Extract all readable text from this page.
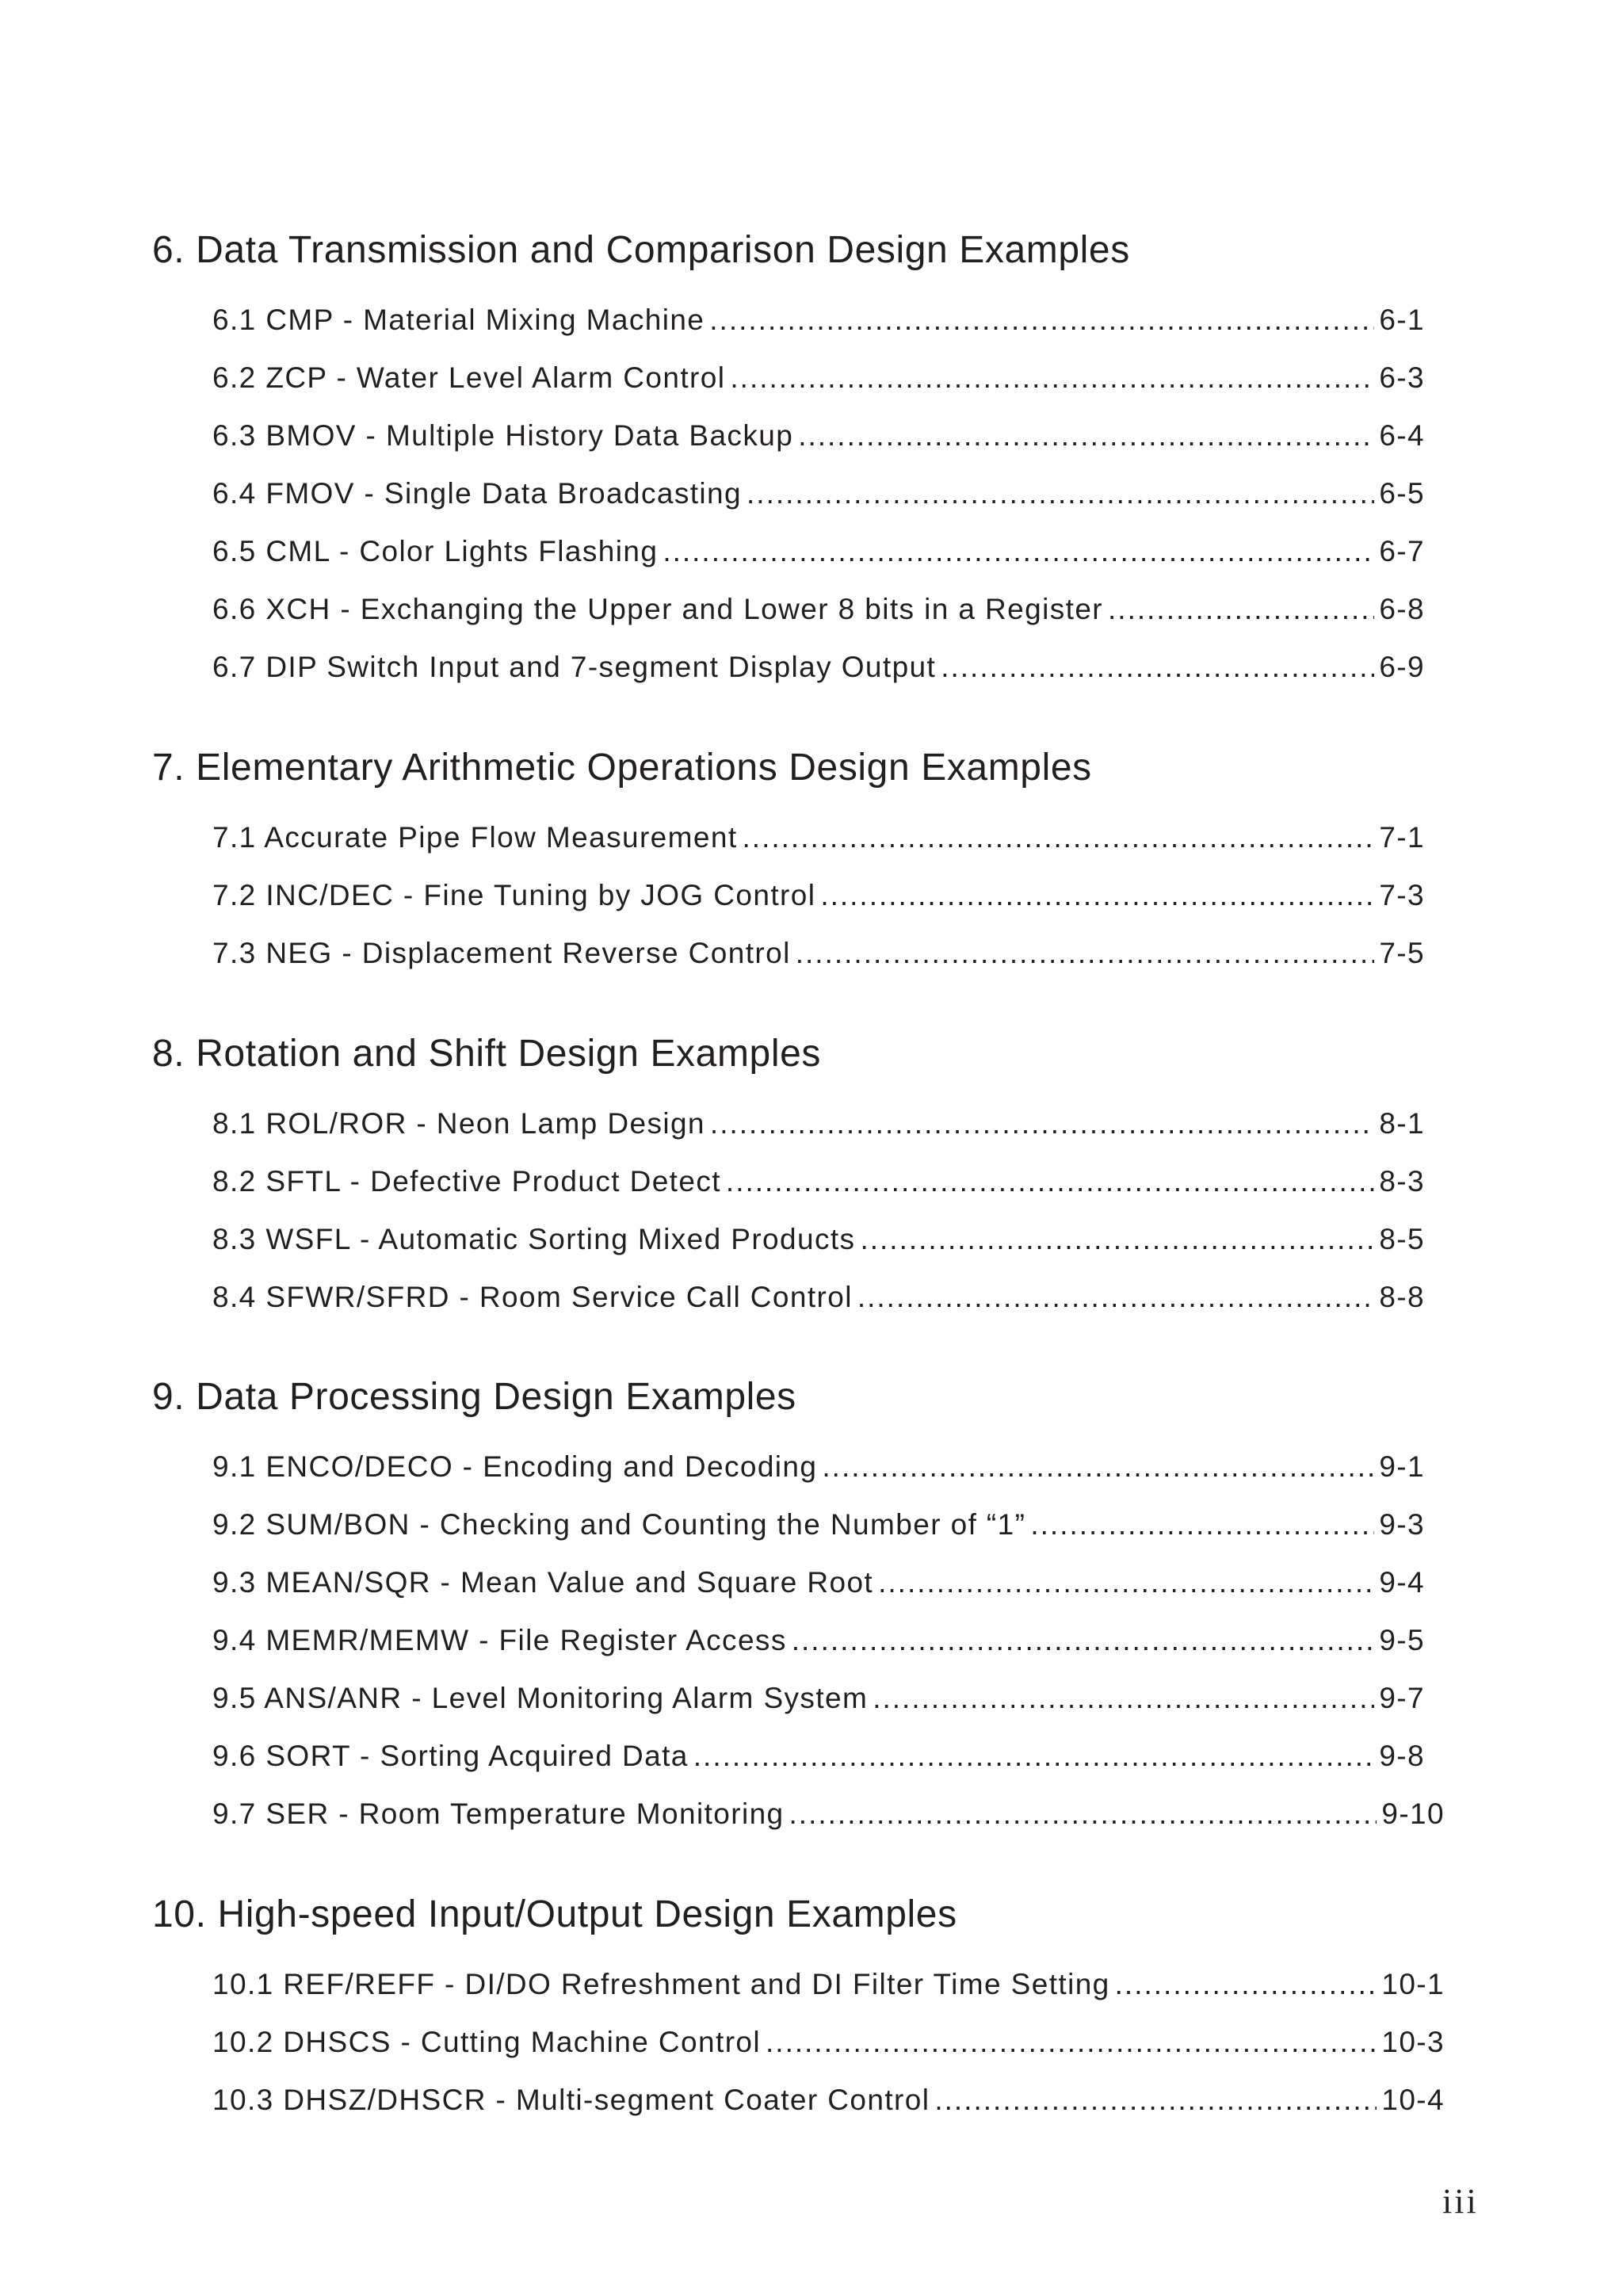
6. Data Transmission and Comparison Design Examples
6.1 CMP - Material Mixing Machine .....	6-1
6.2 ZCP - Water Level Alarm Control .....	6-3
6.3 BMOV - Multiple History Data Backup .....	6-4
6.4 FMOV - Single Data Broadcasting .....	6-5
6.5 CML - Color Lights Flashing .....	6-7
6.6 XCH - Exchanging the Upper and Lower 8 bits in a Register .....	6-8
6.7 DIP Switch Input and 7-segment Display Output .....	6-9
7. Elementary Arithmetic Operations Design Examples
7.1 Accurate Pipe Flow Measurement .....	7-1
7.2 INC/DEC - Fine Tuning by JOG Control .....	7-3
7.3 NEG - Displacement Reverse Control .....	7-5
8. Rotation and Shift Design Examples
8.1 ROL/ROR - Neon Lamp Design .....	8-1
8.2 SFTL - Defective Product Detect .....	8-3
8.3 WSFL - Automatic Sorting Mixed Products .....	8-5
8.4 SFWR/SFRD - Room Service Call Control .....	8-8
9. Data Processing Design Examples
9.1 ENCO/DECO - Encoding and Decoding .....	9-1
9.2 SUM/BON - Checking and Counting the Number of “1” .....	9-3
9.3 MEAN/SQR - Mean Value and Square Root .....	9-4
9.4 MEMR/MEMW - File Register Access .....	9-5
9.5 ANS/ANR - Level Monitoring Alarm System .....	9-7
9.6 SORT - Sorting Acquired Data .....	9-8
9.7 SER - Room Temperature Monitoring .....	9-10
10. High-speed Input/Output Design Examples
10.1 REF/REFF - DI/DO Refreshment and DI Filter Time Setting .....	10-1
10.2 DHSCS - Cutting Machine Control .....	10-3
10.3 DHSZ/DHSCR - Multi-segment Coater Control .....	10-4
iii
